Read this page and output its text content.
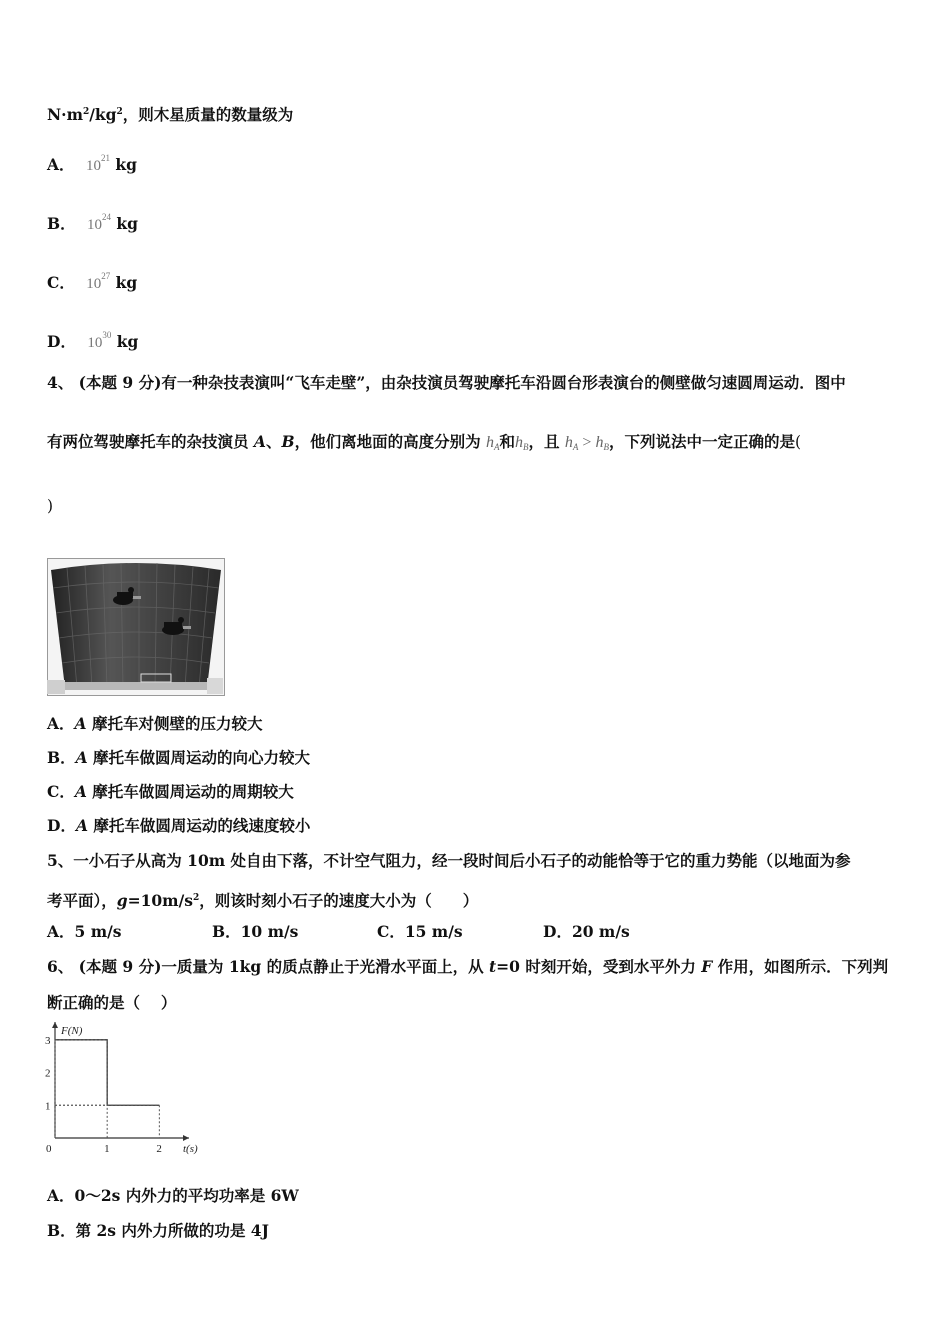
$N\cdot m^2/kg^2$，则木星质量的数量级为
A． $10^{21}$ kg
B． $10^{24}$ kg
C． $10^{27}$ kg
D． $10^{30}$ kg
4、 (本题 9 分)有一种杂技表演叫“飞车走壁”，由杂技演员驾驶摩托车沿圆台形表演台的侧壁做匀速圆周运动．图中
有两位驾驶摩托车的杂技演员 A、B，他们离地面的高度分别为 $h_A$和$h_B$，且 $h_A > h_B$，下列说法中一定正确的是(
)
A．A 摩托车对侧壁的压力较大
B．A 摩托车做圆周运动的向心力较大
C．A 摩托车做圆周运动的周期较大
D．A 摩托车做圆周运动的线速度较小
5、一小石子从高为 10m 处自由下落，不计空气阻力，经一段时间后小石子的动能恰等于它的重力势能（以地面为参
考平面），$g=10m/s^2$，则该时刻小石子的速度大小为（　　）
A．5 m/s	B．10 m/s	C．15 m/s	D．20 m/s
6、 (本题 9 分)一质量为 1kg 的质点静止于光滑水平面上，从 t=0 时刻开始，受到水平外力 F 作用，如图所示．下列判
断正确的是（　 ）
0	1	2
1
2
3
F(N)
t(s)
A．0～2s 内外力的平均功率是 6W
B．第 2s 内外力所做的功是 4J
